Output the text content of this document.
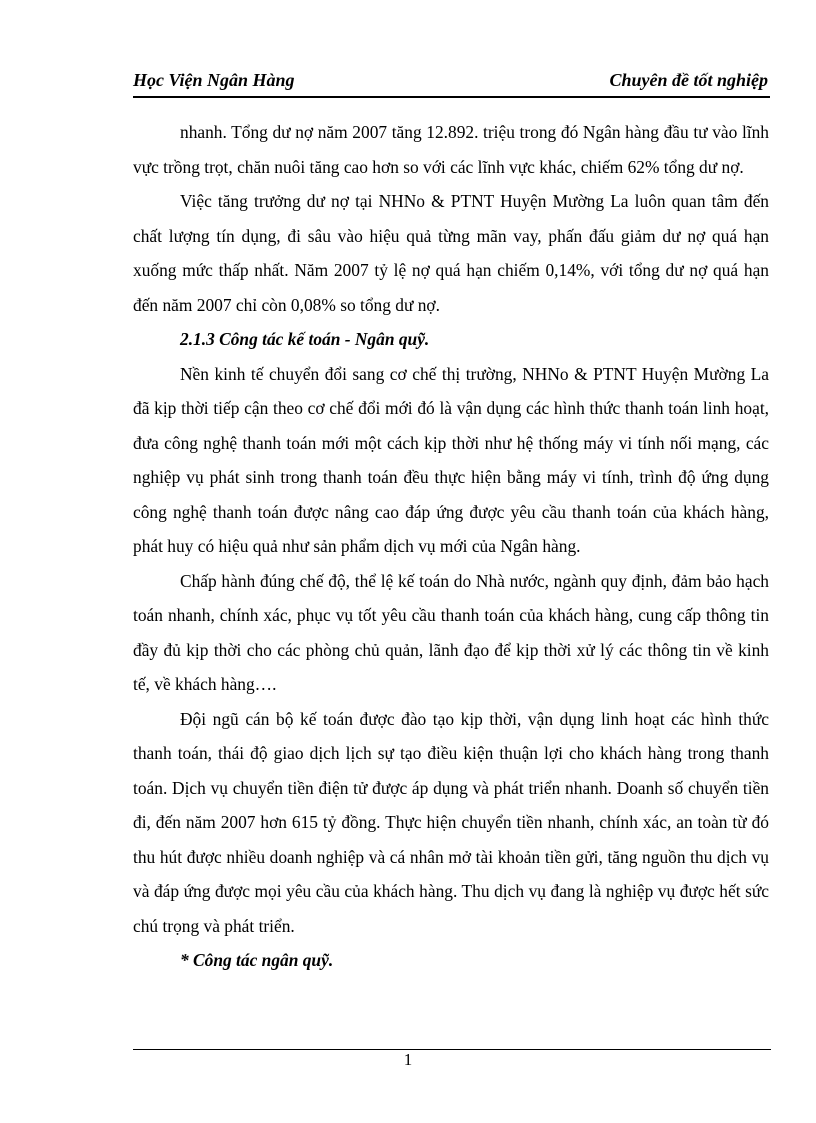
Học Viện Ngân Hàng	Chuyên đề tốt nghiệp

nhanh. Tổng dư nợ năm 2007 tăng 12.892. triệu trong đó Ngân hàng đầu tư vào lĩnh vực trồng trọt, chăn nuôi tăng cao hơn so với các lĩnh vực khác, chiếm 62% tổng dư nợ.

Việc tăng trưởng dư nợ tại NHNo & PTNT Huyện Mường La luôn quan tâm đến chất lượng tín dụng, đi sâu vào hiệu quả từng mãn vay, phấn đấu giảm dư nợ quá hạn xuống mức thấp nhất. Năm 2007 tỷ lệ nợ quá hạn chiếm 0,14%, với tổng dư nợ quá hạn đến năm 2007 chỉ còn 0,08% so tổng dư nợ.

2.1.3 Công tác kế toán - Ngân quỹ.

Nền kinh tế chuyển đổi sang cơ chế thị trường, NHNo & PTNT Huyện Mường La đã kịp thời tiếp cận theo cơ chế đổi mới đó là vận dụng các hình thức thanh toán linh hoạt, đưa công nghệ thanh toán mới một cách kịp thời như hệ thống máy vi tính nối mạng, các nghiệp vụ phát sinh trong thanh toán đều thực hiện bằng máy vi tính, trình độ ứng dụng công nghệ thanh toán được nâng cao đáp ứng được yêu cầu thanh toán của khách hàng, phát huy có hiệu quả như sản phẩm dịch vụ mới của Ngân hàng.

Chấp hành đúng chế độ, thể lệ kế toán do Nhà nước, ngành quy định, đảm bảo hạch toán nhanh, chính xác, phục vụ tốt yêu cầu thanh toán của khách hàng, cung cấp thông tin đầy đủ kịp thời cho các phòng chủ quản, lãnh đạo để kịp thời xử lý các thông tin về kinh tế, về khách hàng….

Đội ngũ cán bộ kế toán được đào tạo kịp thời, vận dụng linh hoạt các hình thức thanh toán, thái độ giao dịch lịch sự tạo điều kiện thuận lợi cho khách hàng trong thanh toán. Dịch vụ chuyển tiền điện tử được áp dụng và phát triển nhanh. Doanh số chuyển tiền đi, đến năm 2007 hơn 615 tỷ đồng. Thực hiện chuyển tiền nhanh, chính xác, an toàn từ đó thu hút được nhiều doanh nghiệp và cá nhân mở tài khoản tiền gửi, tăng nguồn thu dịch vụ và đáp ứng được mọi yêu cầu của khách hàng. Thu dịch vụ đang là nghiệp vụ được hết sức chú trọng và phát triển.

* Công tác ngân quỹ.

1
